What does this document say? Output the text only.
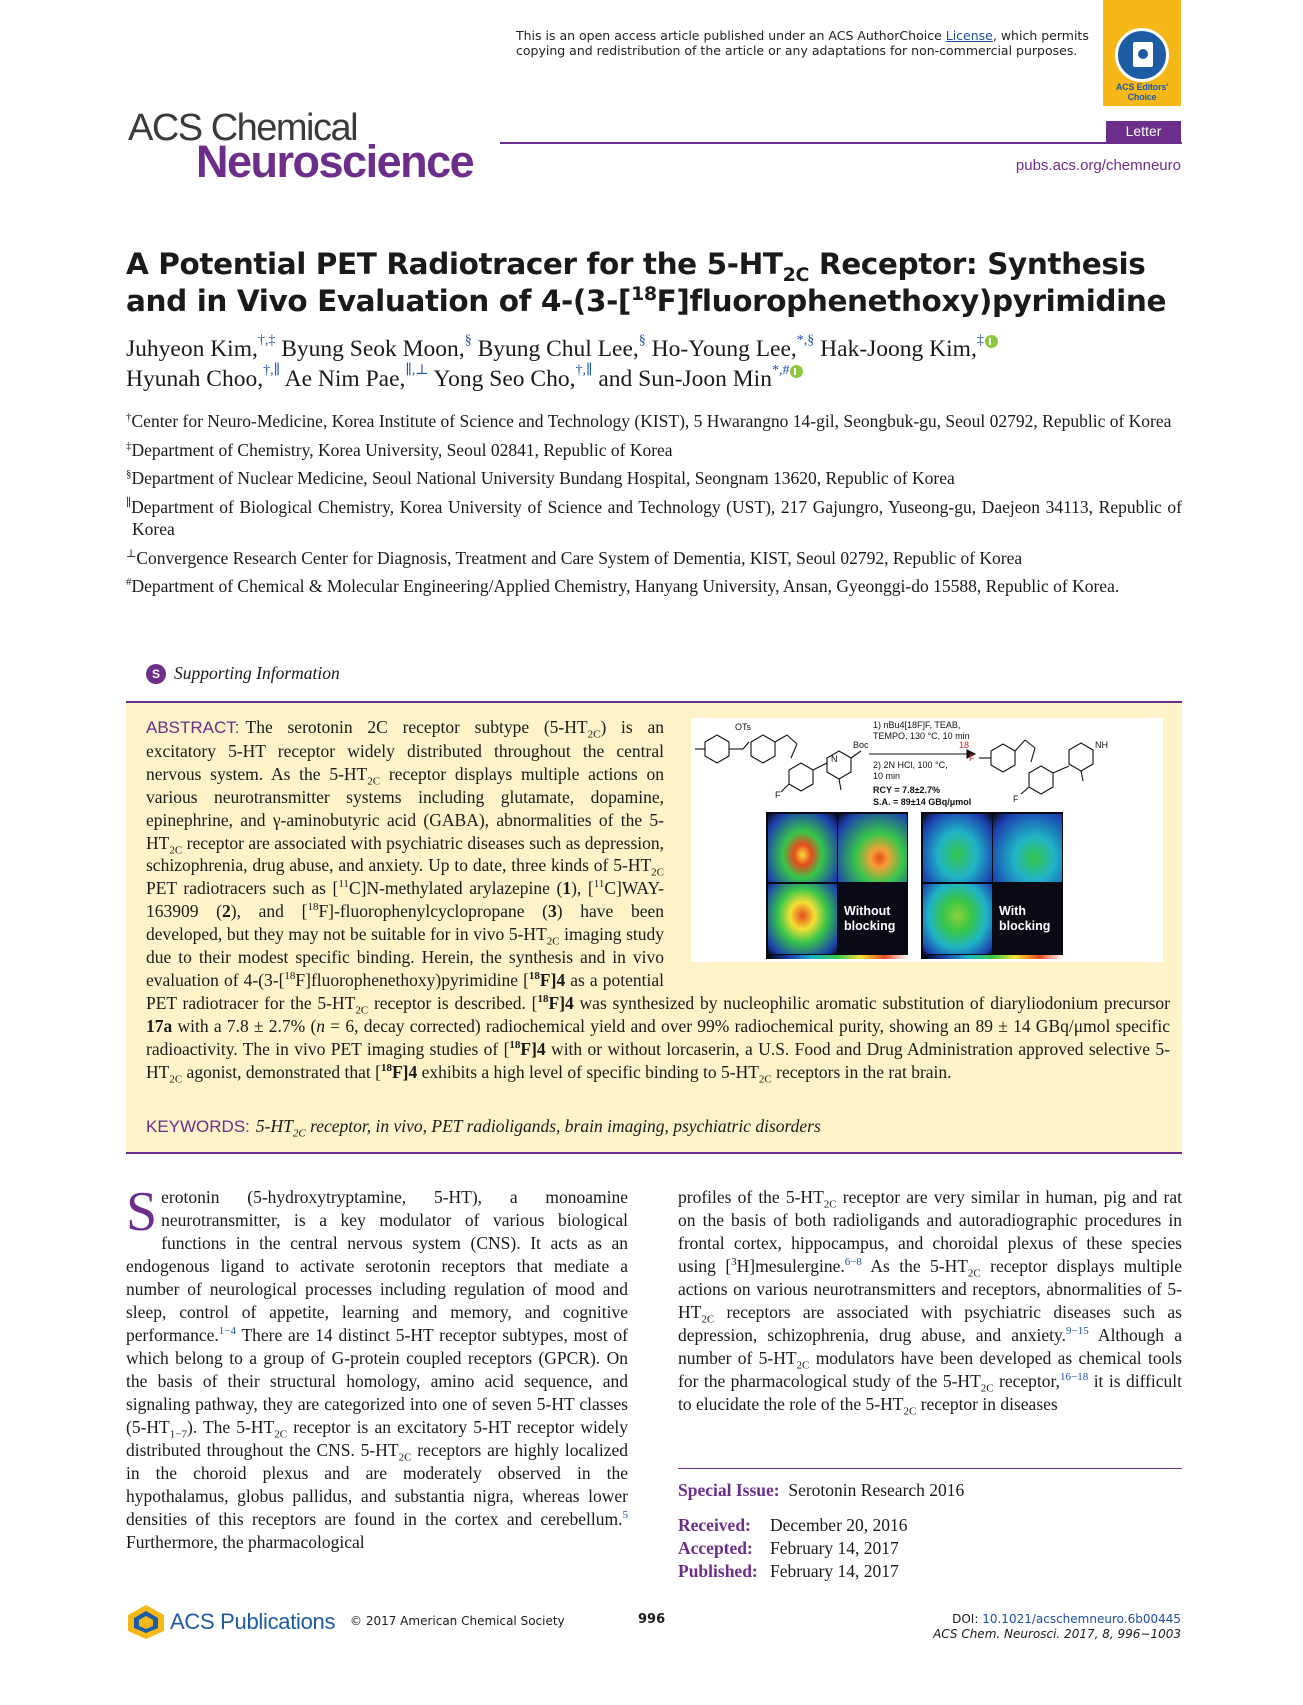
This is an open access article published under an ACS AuthorChoice License, which permits
copying and redistribution of the article or any adaptations for non-commercial purposes.
ACS Editors' Choice
ACS Chemical
Neuroscience
Letter
pubs.acs.org/chemneuro
A Potential PET Radiotracer for the $5-HT_{2C}$ Receptor: Synthesis and in Vivo Evaluation of 4-(3-[$^{18}$F]fluorophenethoxy)pyrimidine
Juhyeon Kim,†,‡ Byung Seok Moon,§ Byung Chul Lee,§ Ho-Young Lee,*,§ Hak-Joong Kim,‡
Hyunah Choo,†,∥ Ae Nim Pae,∥,⊥ Yong Seo Cho,†,∥ and Sun-Joon Min*,#
†Center for Neuro-Medicine, Korea Institute of Science and Technology (KIST), 5 Hwarangno 14-gil, Seongbuk-gu, Seoul 02792, Republic of Korea
‡Department of Chemistry, Korea University, Seoul 02841, Republic of Korea
§Department of Nuclear Medicine, Seoul National University Bundang Hospital, Seongnam 13620, Republic of Korea
∥Department of Biological Chemistry, Korea University of Science and Technology (UST), 217 Gajungro, Yuseong-gu, Daejeon 34113, Republic of Korea
⊥Convergence Research Center for Diagnosis, Treatment and Care System of Dementia, KIST, Seoul 02792, Republic of Korea
#Department of Chemical & Molecular Engineering/Applied Chemistry, Hanyang University, Ansan, Gyeonggi-do 15588, Republic of Korea.
S Supporting Information
ABSTRACT: The serotonin 2C receptor subtype $(5-HT_{2C})$ is an excitatory 5-HT receptor widely distributed throughout the central nervous system. As the $5-HT_{2C}$ receptor displays multiple actions on various neurotransmitter systems including glutamate, dopamine, epinephrine, and γ-aminobutyric acid (GABA), abnormalities of the $5-HT_{2C}$ receptor are associated with psychiatric diseases such as depression, schizophrenia, drug abuse, and anxiety. Up to date, three kinds of $5-HT_{2C}$ PET radiotracers such as [$^{11}$C]N-methylated arylazepine (1), [$^{11}$C]WAY-163909 (2), and [$^{18}$F]-fluorophenylcyclopropane (3) have been developed, but they may not be suitable for in vivo $5-HT_{2C}$ imaging study due to their modest specific binding. Herein, the synthesis and in vivo evaluation of 4-(3-[$^{18}$F]fluorophenethoxy)pyrimidine [$^{18}$F]4 as a potential PET radiotracer for the $5-HT_{2C}$ receptor is described. [$^{18}$F]4 was synthesized by nucleophilic aromatic substitution of diaryliodonium precursor 17a with a 7.8 ± 2.7% (n = 6, decay corrected) radiochemical yield and over 99% radiochemical purity, showing an 89 ± 14 GBq/μmol specific radioactivity. The in vivo PET imaging studies of [$^{18}$F]4 with or without lorcaserin, a U.S. Food and Drug Administration approved selective $5-HT_{2C}$ agonist, demonstrated that [$^{18}$F]4 exhibits a high level of specific binding to $5-HT_{2C}$ receptors in the rat brain.
KEYWORDS: $5-HT_{2C}$ receptor, in vivo, PET radioligands, brain imaging, psychiatric disorders
OTs
Boc
F
N
1) nBu4[18F]F, TEAB,
TEMPO, 130 °C, 10 min
2) 2N HCl, 100 °C,
10 min
RCY = 7.8±2.7%
S.A. = 89±14 GBq/μmol
18
F
F
NH
Without blocking
With blocking
Serotonin (5-hydroxytryptamine, 5-HT), a monoamine neurotransmitter, is a key modulator of various biological functions in the central nervous system (CNS). It acts as an endogenous ligand to activate serotonin receptors that mediate a number of neurological processes including regulation of mood and sleep, control of appetite, learning and memory, and cognitive performance.$^{1-4}$ There are 14 distinct 5-HT receptor subtypes, most of which belong to a group of G-protein coupled receptors (GPCR). On the basis of their structural homology, amino acid sequence, and signaling pathway, they are categorized into one of seven 5-HT classes $(5-HT_{1-7})$. The $5-HT_{2C}$ receptor is an excitatory 5-HT receptor widely distributed throughout the CNS. $5-HT_{2C}$ receptors are highly localized in the choroid plexus and are moderately observed in the hypothalamus, globus pallidus, and substantia nigra, whereas lower densities of this receptors are found in the cortex and cerebellum.$^5$ Furthermore, the pharmacological
profiles of the $5-HT_{2C}$ receptor are very similar in human, pig and rat on the basis of both radioligands and autoradiographic procedures in frontal cortex, hippocampus, and choroidal plexus of these species using [$^3$H]mesulergine.$^{6-8}$ As the $5-HT_{2C}$ receptor displays multiple actions on various neurotransmitters and receptors, abnormalities of $5-HT_{2C}$ receptors are associated with psychiatric diseases such as depression, schizophrenia, drug abuse, and anxiety.$^{9-15}$ Although a number of $5-HT_{2C}$ modulators have been developed as chemical tools for the pharmacological study of the $5-HT_{2C}$ receptor,$^{16-18}$ it is difficult to elucidate the role of the $5-HT_{2C}$ receptor in diseases
Special Issue: Serotonin Research 2016
Received:	December 20, 2016
Accepted: February 14, 2017
Published: February 14, 2017
ACS Publications © 2017 American Chemical Society	996	DOI: 10.1021/acschemneuro.6b00445
ACS Chem. Neurosci. 2017, 8, 996−1003
